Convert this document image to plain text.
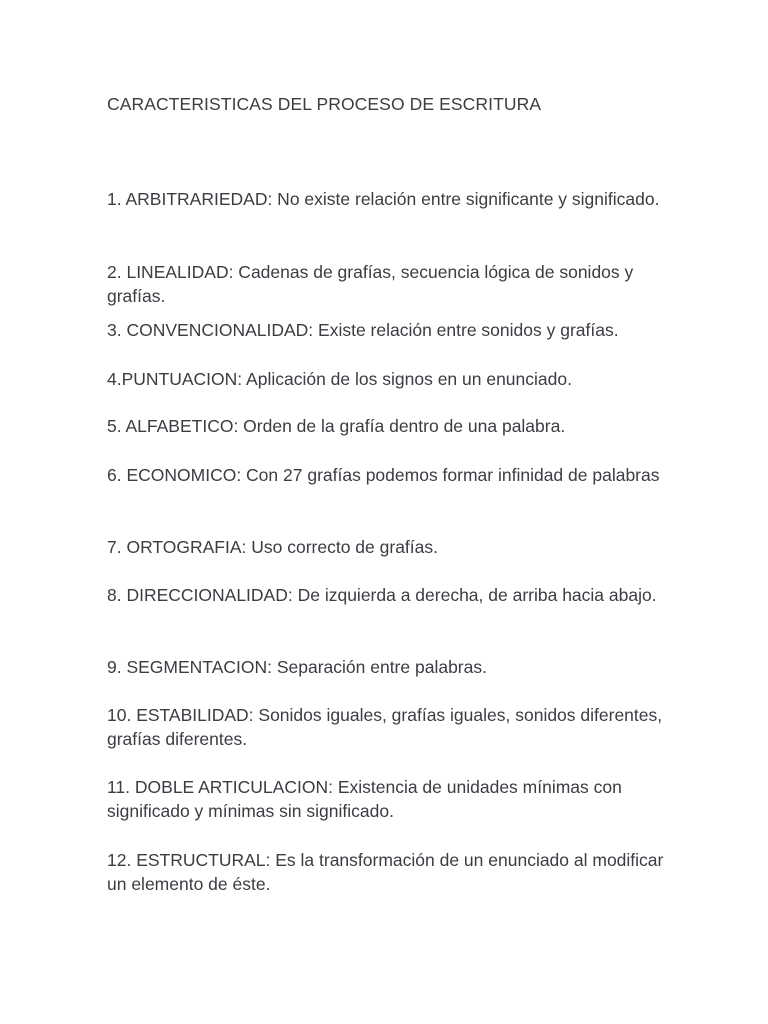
CARACTERISTICAS DEL PROCESO DE ESCRITURA

1. ARBITRARIEDAD: No existe relación entre significante y significado.

2. LINEALIDAD: Cadenas de grafías, secuencia lógica de sonidos y grafías.

3. CONVENCIONALIDAD: Existe relación entre sonidos y grafías.

4.PUNTUACION: Aplicación de los signos en un enunciado.

5. ALFABETICO: Orden de la grafía dentro de una palabra.

6. ECONOMICO: Con 27 grafías podemos formar infinidad de palabras

7. ORTOGRAFIA: Uso correcto de grafías.

8. DIRECCIONALIDAD: De izquierda a derecha, de arriba hacia abajo.

9. SEGMENTACION: Separación entre palabras.

10. ESTABILIDAD: Sonidos iguales, grafías iguales, sonidos diferentes, grafías diferentes.

11. DOBLE ARTICULACION: Existencia de unidades mínimas con significado y mínimas sin significado.

12. ESTRUCTURAL: Es la transformación de un enunciado al modificar un elemento de éste.
